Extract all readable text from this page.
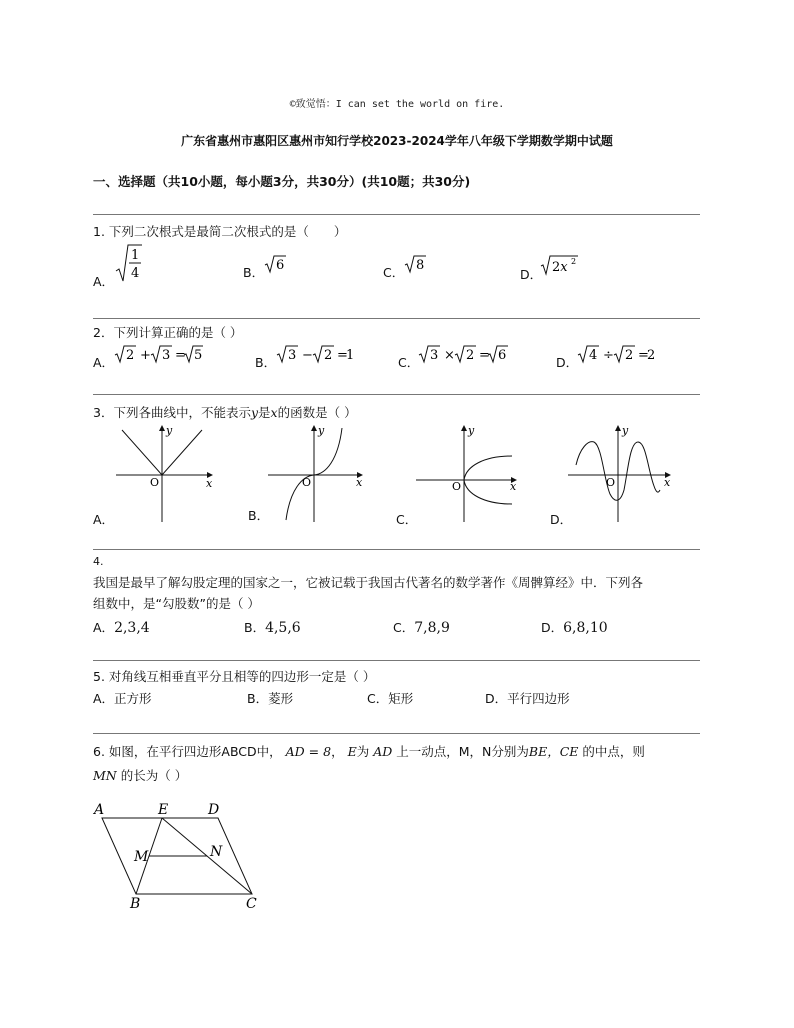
©致觉悟：I can set the world on fire.
广东省惠州市惠阳区惠州市知行学校2023-2024学年八年级下学期数学期中试题
一、选择题（共10小题，每小题3分，共30分）(共10题；共30分)
1. 下列二次根式是最简二次根式的是（　　）
A．
1
4	B． 6	C． 8
D． 2x 2
2．下列计算正确的是（ ）
A． 2 + 3 = 5	B． 3 − 2 =
1	C． 3 × 2 = 6	D． 4 ÷ 2 =
2
3．下列各曲线中，不能表示y是x的函数是（ ）
y
x
O
A．
y
x
O
B．
y
x
O
C．
y
x
O
D．
4.
我国是最早了解勾股定理的国家之一，它被记载于我国古代著名的数学著作《周髀算经》中．下列各
组数中，是“勾股数”的是（ ）
A．2,3,4	B．4,5,6	C．7,8,9	D．6,8,10
5. 对角线互相垂直平分且相等的四边形一定是（ ）
A．正方形	B．菱形	C．矩形	D．平行四边形
6. 如图，在平行四边形ABCD中， AD = 8， E为 AD 上一动点，M，N分别为BE，CE 的中点，则
MN 的长为（ ）
A	E	D
M	N
B	C
